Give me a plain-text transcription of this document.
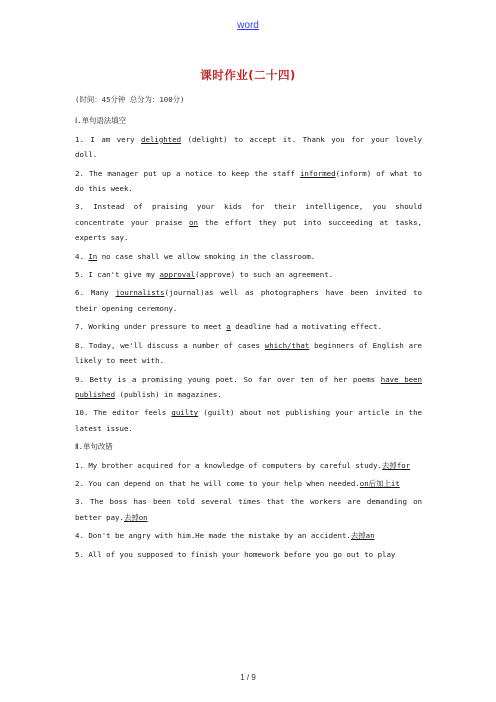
word
课时作业(二十四)
(时间：45分钟 总分为：100分)
Ⅰ.单句语法填空
1. I am very delighted (delight) to accept it. Thank you for your lovely doll.
2. The manager put up a notice to keep the staff informed(inform) of what to do this week.
3. Instead of praising your kids for their intelligence, you should concentrate your praise on the effort they put into succeeding at tasks, experts say.
4. In no case shall we allow smoking in the classroom.
5. I can't give my approval(approve) to such an agreement.
6. Many journalists(journal)as well as photographers have been invited to their opening ceremony.
7. Working under pressure to meet a deadline had a motivating effect.
8. Today, we'll discuss a number of cases which/that beginners of English are likely to meet with.
9. Betty is a promising young poet. So far over ten of her poems have been published (publish) in magazines.
10. The editor feels guilty (guilt) about not publishing your article in the latest issue.
Ⅱ.单句改错
1. My brother acquired for a knowledge of computers by careful study.去掉for
2. You can depend on that he will come to your help when needed.on后加上it
3. The boss has been told several times that the workers are demanding on better pay.去掉on
4. Don't be angry with him.He made the mistake by an accident.去掉an
5. All of you supposed to finish your homework before you go out to play
1 / 9
